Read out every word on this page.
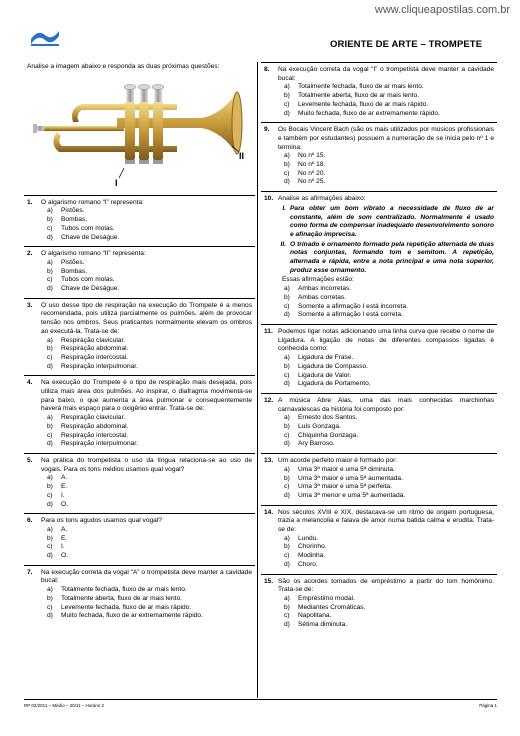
www.cliqueapostilas.com.br
ORIENTE DE ARTE – TROMPETE
Analise a imagem abaixo e responda as duas próximas questões:
I
II
1.	O algarismo romano “I” representa:
a)	Pistões.
b)	Bombas.
c)	Tubos com molas.
d)	Chave de Deságue.
2.	O algarismo romano “II” representa:
a)	Pistões.
b)	Bombas.
c)	Tubos com molas.
d)	Chave de Deságue.
3.	O uso desse tipo de respiração na execução do Trompete é a menos recomendada, pois utiliza parcialmente os pulmões, além de provocar tensão nos ombros. Seus praticantes normalmente elevam os ombros ao executá-la. Trata-se de:
a)	Respiração clavicular.
b)	Respiração abdominal.
c)	Respiração intercostal.
d)	Respiração interpulmonar.
4.	Na execução do Trompete é o tipo de respiração mais desejada, pois utiliza mais área dos pulmões. Ao inspirar, o diafragma movimenta-se para baixo, o que aumenta a área pulmonar e consequentemente haverá mais espaço para o oxigênio entrar. Trata-se de:
a)	Respiração clavicular.
b)	Respiração abdominal.
c)	Respiração intercostal.
d)	Respiração interpulmonar.
5.	Na prática do trompetista o uso da língua relaciona-se ao uso de vogais. Para os tons médios usamos qual vogal?
a)	A.
b)	E.
c)	I.
d)	O.
6.	Para os tons agudos usamos qual vogal?
a)	A.
b)	E.
c)	I.
d)	O.
7.	Na execução correta da vogal “A” o trompetista deve manter a cavidade bucal:
a)	Totalmente fechada, fluxo de ar mais lento.
b)	Totalmente aberta, fluxo de ar mais lento.
c)	Levemente fechada, fluxo de ar mais rápido.
d)	Muito fechada, fluxo de ar extremamente rápido.
8.	Na execução correta da vogal “I” o trompetista deve manter a cavidade bucal:
a)	Totalmente fechada, fluxo de ar mais lento.
b)	Totalmente aberta, fluxo de ar mais lento.
c)	Levemente fechada, fluxo de ar mais rápido.
d)	Muito fechada, fluxo de ar extremamente rápido.
9.	Os Bocais Vincent Bach (são os mais utilizados por músicos profissionais e também por estudantes) possuem a numeração de se inicia pelo nº 1 e termina:
a)	No nº 15.
b)	No nº 18.
c)	No nº 20.
d)	No nº 25.
10. Analise as afirmações abaixo:
I. Para obter um bom vibrato a necessidade de fluxo de ar constante, além de som centralizado. Normalmente é usado como forma de compensar inadequado desenvolvimento sonoro e afinação imprecisa.
II. O trinado é ornamento formado pela repetição alternada de duas notas conjuntas, formando tom e semitom. A repetição, alternada e rápida, entre a nota principal e uma nota superior, produz esse ornamento.
Essas afirmações estão:
a)	Ambas incorretas.
b)	Ambas corretas.
c)	Somente a afirmação I está incorreta.
d)	Somente a afirmação I está correta.
11. Podemos ligar notas adicionando uma linha curva que recebe o nome de Ligadura. A ligação de notas de diferentes compassos ligadas é conhecida como:
a)	Ligadura de Frase.
b)	Ligadura de Compasso.
c)	Ligadura de Valor.
d)	Ligadura de Portamento.
12. A música Abre Alas, uma das mais conhecidas marchinhas carnavalescas da história foi composto por:
a)	Ernesto dos Santos.
b)	Luís Gonzaga.
c)	Chiquinha Gonzaga.
d)	Ary Barroso.
13. Um acorde perfeito maior é formado por:
a)	Uma 3ª maior e uma 5ª diminuta.
b)	Uma 3ª maior e uma 5ª aumentada.
c)	Uma 3ª maior e uma 5ª perfeita.
d)	Uma 3ª menor e uma 5ª aumentada.
14. Nos séculos XVIII e XIX, destacava-se um ritmo de origem portuguesa, trazia a melancolia e falava de amor numa batida calma e erudita. Trata-se de:
a)	Lundu.
b)	Chorinho.
c)	Modinha.
d)	Choro.
15. São os acordes tomados de empréstimo a partir do tom homônimo. Trata-se de:
a)	Empréstimo modal.
b)	Mediantes Cromáticas.
c)	Napolitana.
d)	Sétima diminuta.
RP 02/2011 – Médio – 20/11 – Horário 2	Página 1
